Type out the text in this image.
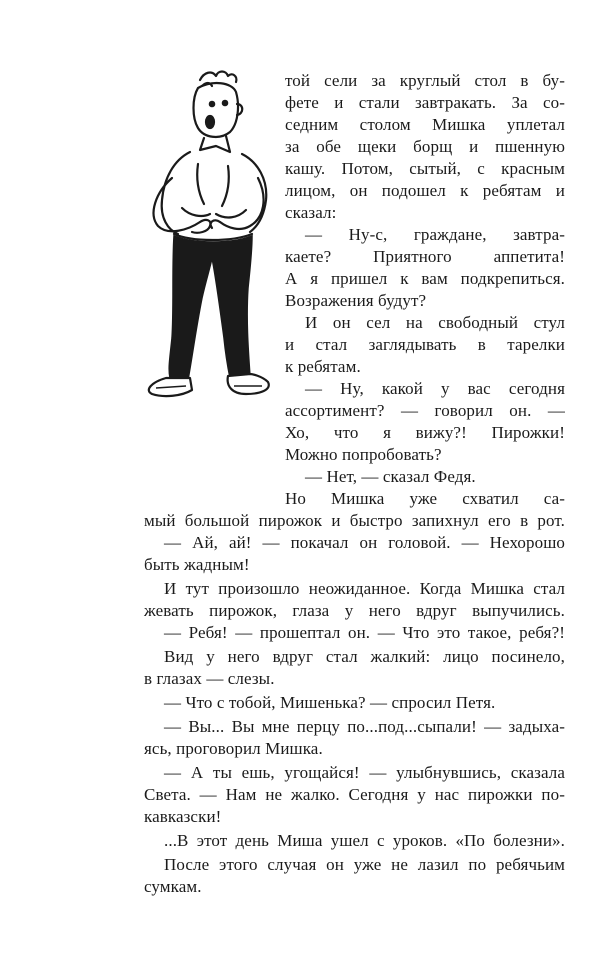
той сели за круглый стол в бу-
фете и стали завтракать. За со-
седним столом Мишка уплетал
за обе щеки борщ и пшенную
кашу. Потом, сытый, с красным
лицом, он подошел к ребятам и
сказал:
— Ну-с, граждане, завтра-
каете? Приятного аппетита!
А я пришел к вам подкрепиться.
Возражения будут?
И он сел на свободный стул
и стал заглядывать в тарелки
к ребятам.
— Ну, какой у вас сегодня
ассортимент? — говорил он. —
Хо, что я вижу?! Пирожки!
Можно попробовать?
— Нет, — сказал Федя.
Но Мишка уже схватил са-
мый большой пирожок и быстро запихнул его в рот.
— Ай, ай! — покачал он головой. — Нехорошо
быть жадным!
И тут произошло неожиданное. Когда Мишка стал
жевать пирожок, глаза у него вдруг выпучились.
— Ребя! — прошептал он. — Что это такое, ребя?!
Вид у него вдруг стал жалкий: лицо посинело,
в глазах — слезы.
— Что с тобой, Мишенька? — спросил Петя.
— Вы... Вы мне перцу по...под...сыпали! — задыха-
ясь, проговорил Мишка.
— А ты ешь, угощайся! — улыбнувшись, сказала
Света. — Нам не жалко. Сегодня у нас пирожки по-
кавказски!
...В этот день Миша ушел с уроков. «По болезни».
После этого случая он уже не лазил по ребячьим
сумкам.
